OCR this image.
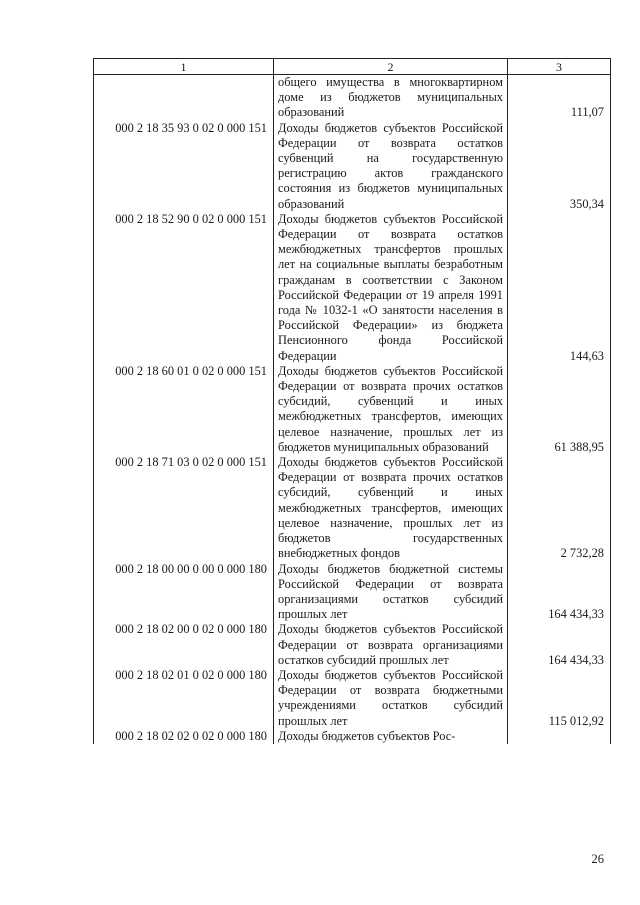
1	2	3
	общего имущества в многоквартирном доме из бюджетов муниципальных образований	111,07
000 2 18 35 93 0 02 0 000 151	Доходы бюджетов субъектов Российской Федерации от возврата остатков субвенций на государственную регистрацию актов гражданского состояния из бюджетов муниципальных образований	350,34
000 2 18 52 90 0 02 0 000 151	Доходы бюджетов субъектов Российской Федерации от возврата остатков межбюджетных трансфертов прошлых лет на социальные выплаты безработным гражданам в соответствии с Законом Российской Федерации от 19 апреля 1991 года № 1032-1 «О занятости населения в Российской Федерации» из бюджета Пенсионного фонда Российской Федерации	144,63
000 2 18 60 01 0 02 0 000 151	Доходы бюджетов субъектов Российской Федерации от возврата прочих остатков субсидий, субвенций и иных межбюджетных трансфертов, имеющих целевое назначение, прошлых лет из бюджетов муниципальных образований	61 388,95
000 2 18 71 03 0 02 0 000 151	Доходы бюджетов субъектов Российской Федерации от возврата прочих остатков субсидий, субвенций и иных межбюджетных трансфертов, имеющих целевое назначение, прошлых лет из бюджетов государственных внебюджетных фондов	2 732,28
000 2 18 00 00 0 00 0 000 180	Доходы бюджетов бюджетной системы Российской Федерации от возврата организациями остатков субсидий прошлых лет	164 434,33
000 2 18 02 00 0 02 0 000 180	Доходы бюджетов субъектов Российской Федерации от возврата организациями остатков субсидий прошлых лет	164 434,33
000 2 18 02 01 0 02 0 000 180	Доходы бюджетов субъектов Российской Федерации от возврата бюджетными учреждениями остатков субсидий прошлых лет	115 012,92
000 2 18 02 02 0 02 0 000 180	Доходы бюджетов субъектов Рос-	
26
